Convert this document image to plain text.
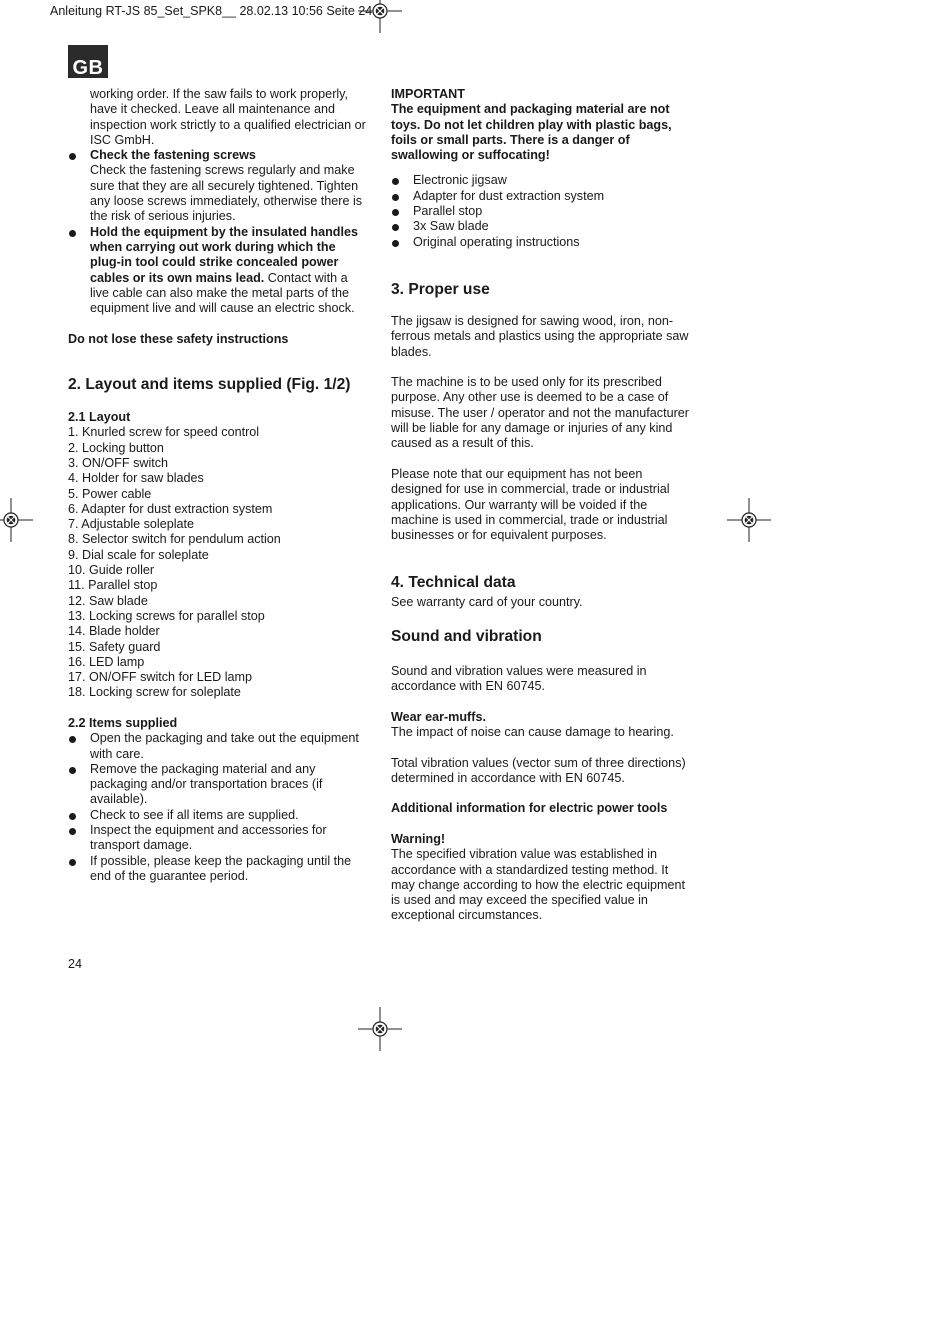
Anleitung RT-JS 85_Set_SPK8__ 28.02.13 10:56 Seite 24
GB

working order. If the saw fails to work properly, have it checked. Leave all maintenance and inspection work strictly to a qualified electrician or ISC GmbH.

Check the fastening screws

Check the fastening screws regularly and make sure that they are all securely tightened. Tighten any loose screws immediately, otherwise there is the risk of serious injuries.

Hold the equipment by the insulated handles when carrying out work during which the plug-in tool could strike concealed power cables or its own mains lead. Contact with a live cable can also make the metal parts of the equipment live and will cause an electric shock.

Do not lose these safety instructions

2. Layout and items supplied (Fig. 1/2)

2.1 Layout

1. Knurled screw for speed control
2. Locking button
3. ON/OFF switch
4. Holder for saw blades
5. Power cable
6. Adapter for dust extraction system
7. Adjustable soleplate
8. Selector switch for pendulum action
9. Dial scale for soleplate
10. Guide roller
11. Parallel stop
12. Saw blade
13. Locking screws for parallel stop
14. Blade holder
15. Safety guard
16. LED lamp
17. ON/OFF switch for LED lamp
18. Locking screw for soleplate

2.2 Items supplied

Open the packaging and take out the equipment with care.

Remove the packaging material and any packaging and/or transportation braces (if available).

Check to see if all items are supplied.

Inspect the equipment and accessories for transport damage.

If possible, please keep the packaging until the end of the guarantee period.

IMPORTANT

The equipment and packaging material are not toys. Do not let children play with plastic bags, foils or small parts. There is a danger of swallowing or suffocating!

Electronic jigsaw

Adapter for dust extraction system

Parallel stop

3x Saw blade

Original operating instructions

3. Proper use

The jigsaw is designed for sawing wood, iron, non-ferrous metals and plastics using the appropriate saw blades.

The machine is to be used only for its prescribed purpose. Any other use is deemed to be a case of misuse. The user / operator and not the manufacturer will be liable for any damage or injuries of any kind caused as a result of this.

Please note that our equipment has not been designed for use in commercial, trade or industrial applications. Our warranty will be voided if the machine is used in commercial, trade or industrial businesses or for equivalent purposes.

4. Technical data

See warranty card of your country.

Sound and vibration

Sound and vibration values were measured in accordance with EN 60745.

Wear ear-muffs.

The impact of noise can cause damage to hearing.

Total vibration values (vector sum of three directions) determined in accordance with EN 60745.

Additional information for electric power tools

Warning!

The specified vibration value was established in accordance with a standardized testing method. It may change according to how the electric equipment is used and may exceed the specified value in exceptional circumstances.

24
